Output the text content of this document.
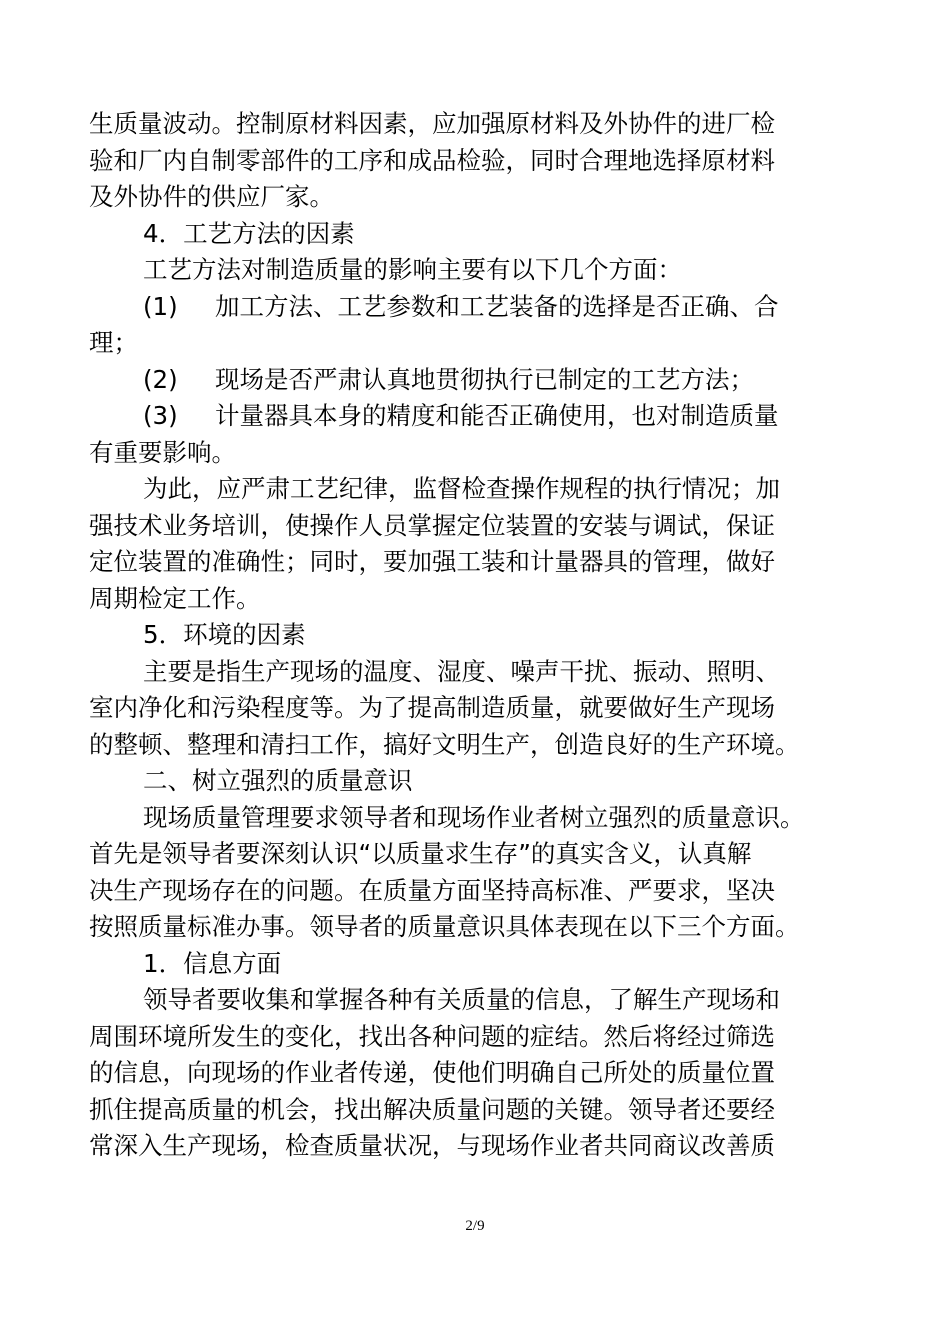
生质量波动。控制原材料因素，应加强原材料及外协件的进厂检
验和厂内自制零部件的工序和成品检验，同时合理地选择原材料
及外协件的供应厂家。
4．工艺方法的因素
工艺方法对制造质量的影响主要有以下几个方面：
(1) 加工方法、工艺参数和工艺装备的选择是否正确、合
理；
(2) 现场是否严肃认真地贯彻执行已制定的工艺方法；
(3) 计量器具本身的精度和能否正确使用，也对制造质量
有重要影响。
为此，应严肃工艺纪律，监督检查操作规程的执行情况；加
强技术业务培训，使操作人员掌握定位装置的安装与调试，保证
定位装置的准确性；同时，要加强工装和计量器具的管理，做好
周期检定工作。
5．环境的因素
主要是指生产现场的温度、湿度、噪声干扰、振动、照明、
室内净化和污染程度等。为了提高制造质量，就要做好生产现场
的整顿、整理和清扫工作，搞好文明生产，创造良好的生产环境。
二、树立强烈的质量意识
现场质量管理要求领导者和现场作业者树立强烈的质量意识。
首先是领导者要深刻认识“以质量求生存”的真实含义，认真解
决生产现场存在的问题。在质量方面坚持高标准、严要求，坚决
按照质量标准办事。领导者的质量意识具体表现在以下三个方面。
1．信息方面
领导者要收集和掌握各种有关质量的信息，了解生产现场和
周围环境所发生的变化，找出各种问题的症结。然后将经过筛选
的信息，向现场的作业者传递，使他们明确自己所处的质量位置
抓住提高质量的机会，找出解决质量问题的关键。领导者还要经
常深入生产现场，检查质量状况，与现场作业者共同商议改善质
2/9
